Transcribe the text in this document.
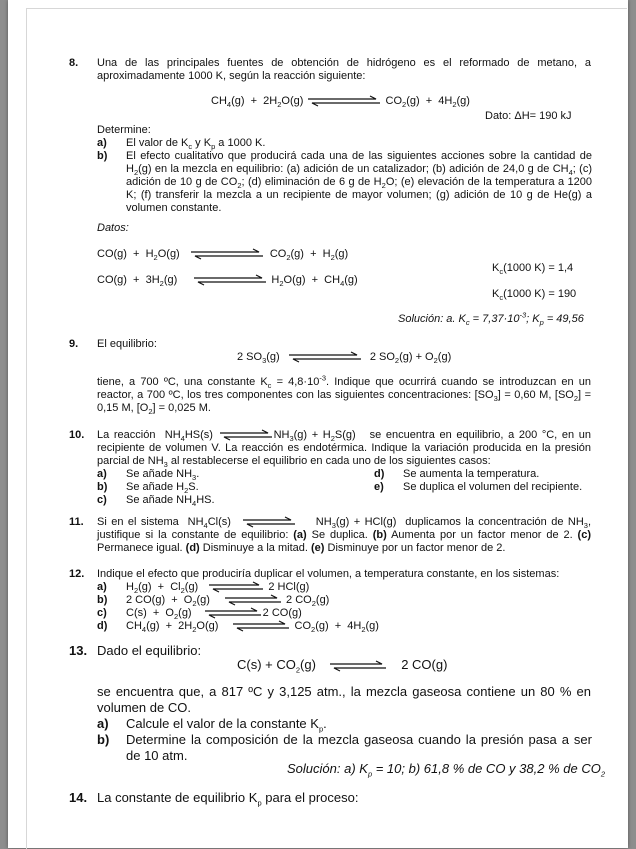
8. Una de las principales fuentes de obtención de hidrógeno es el reformado de metano, a aproximadamente 1000 K, según la reacción siguiente:
$CH_4(g) + 2H_2O(g)$	$CO_2(g) + 4H_2(g)$
Dato: ΔH= 190 kJ
Determine:
a) El valor de $K_c$ y $K_p$ a 1000 K.
b) El efecto cualitativo que producirá cada una de las siguientes acciones sobre la cantidad de $H_2(g)$ en la mezcla en equilibrio: (a) adición de un catalizador; (b) adición de 24,0 g de $CH_4$; (c) adición de 10 g de $CO_2$; (d) eliminación de 6 g de $H_2O$; (e) elevación de la temperatura a 1200 K; (f) transferir la mezcla a un recipiente de mayor volumen; (g) adición de 10 g de He(g) a volumen constante.
Datos:
$CO(g) + H_2O(g)$	$CO_2(g) + H_2(g)$
$K_c(1000$ K) = 1,4
$CO(g) + 3H_2(g)$	$H_2O(g) + CH_4(g)$
$K_c(1000$ K) = 190
Solución: a. $K_c = 7,37\cdot 10^{-3}$; $K_p = 49,56$
9. El equilibrio:
2 $SO_3(g)$	2 $SO_2(g) + O_2(g)$
tiene, a 700 ºC, una constante $K_c = 4,8\cdot 10^{-3}$. Indique que ocurrirá cuando se introduzcan en un reactor, a 700 ºC, los tres componentes con las siguientes concentraciones: $[SO_3] = 0,60$ M, $[SO_2] = 0,15$ M, $[O_2] = 0,025$ M.
10. La reacción  $NH_4HS(s)$	$NH_3(g) + H_2S(g)$   se encuentra en equilibrio, a 200 °C, en un recipiente de volumen V. La reacción es endotérmica. Indique la variación producida en la presión parcial de $NH_3$ al restablecerse el equilibrio en cada uno de los siguientes casos:
a) Se añade $NH_3$.
b) Se añade $H_2S$.
c) Se añade $NH_4HS$.
d) Se aumenta la temperatura.
e) Se duplica el volumen del recipiente.
11. Si en el sistema  $NH_4Cl(s)$	$NH_3(g) + HCl(g)$  duplicamos la concentración de $NH_3$, justifique si la constante de equilibrio: (a) Se duplica. (b) Aumenta por un factor menor de 2. (c) Permanece igual. (d) Disminuye a la mitad. (e) Disminuye por un factor menor de 2.
12. Indique el efecto que produciría duplicar el volumen, a temperatura constante, en los sistemas:
a) $H_2(g) + Cl_2(g)$	2 HCl(g)
b) 2 $CO(g) + O_2(g)$	2 $CO_2(g)$
c) $C(s) + O_2(g)$	2 CO(g)
d) $CH_4(g) + 2H_2O(g)$	$CO_2(g) + 4H_2(g)$
13. Dado el equilibrio:
$C(s) + CO_2(g)$	2 CO(g)
se encuentra que, a 817 ºC y 3,125 atm., la mezcla gaseosa contiene un 80 % en volumen de CO.
a) Calcule el valor de la constante $K_p$.
b) Determine la composición de la mezcla gaseosa cuando la presión pasa a ser de 10 atm.
Solución: a) $K_p = 10$; b) 61,8 % de CO y 38,2 % de $CO_2$
14. La constante de equilibrio $K_p$ para el proceso:
